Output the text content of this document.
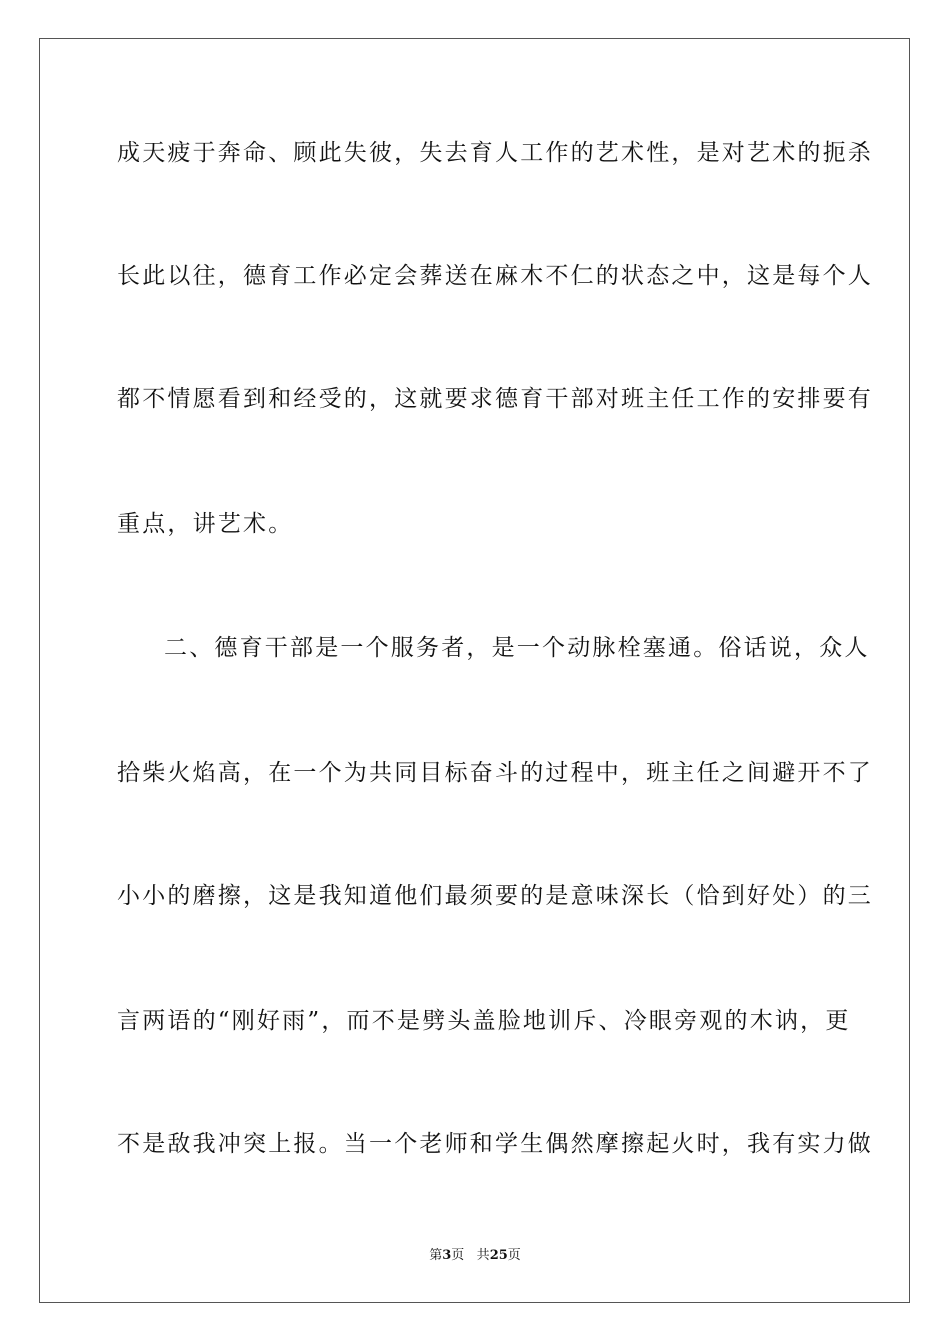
成天疲于奔命、顾此失彼，失去育人工作的艺术性，是对艺术的扼杀
长此以往，德育工作必定会葬送在麻木不仁的状态之中，这是每个人
都不情愿看到和经受的，这就要求德育干部对班主任工作的安排要有
重点，讲艺术。
二、德育干部是一个服务者，是一个动脉栓塞通。俗话说，众人
拾柴火焰高，在一个为共同目标奋斗的过程中，班主任之间避开不了
小小的磨擦，这是我知道他们最须要的是意味深长（恰到好处）的三
言两语的“刚好雨”，而不是劈头盖脸地训斥、冷眼旁观的木讷，更
不是敌我冲突上报。当一个老师和学生偶然摩擦起火时，我有实力做
第3页 共25页
